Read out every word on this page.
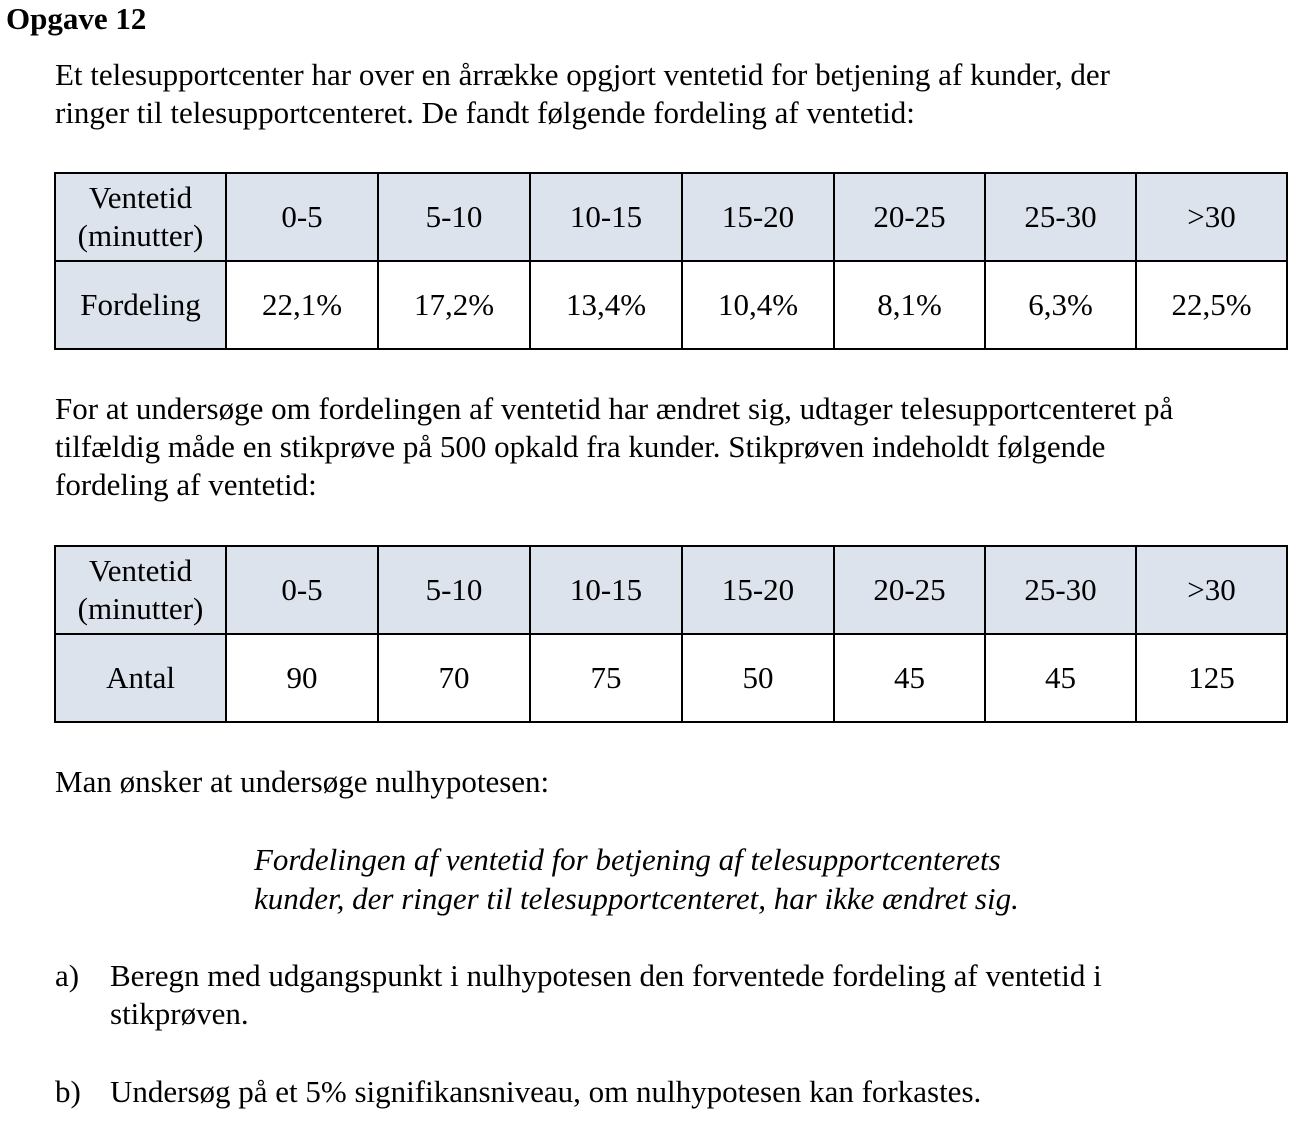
Opgave 12

Et telesupportcenter har over en årrække opgjort ventetid for betjening af kunder, der
ringer til telesupportcenteret. De fandt følgende fordeling af ventetid:

Ventetid
(minutter)	0-5	5-10	10-15	15-20	20-25	25-30	>30
Fordeling	22,1%	17,2%	13,4%	10,4%	8,1%	6,3%	22,5%

For at undersøge om fordelingen af ventetid har ændret sig, udtager telesupportcenteret på
tilfældig måde en stikprøve på 500 opkald fra kunder. Stikprøven indeholdt følgende
fordeling af ventetid:

Ventetid
(minutter)	0-5	5-10	10-15	15-20	20-25	25-30	>30
Antal	90	70	75	50	45	45	125

Man ønsker at undersøge nulhypotesen:

Fordelingen af ventetid for betjening af telesupportcenterets
kunder, der ringer til telesupportcenteret, har ikke ændret sig.

a) Beregn med udgangspunkt i nulhypotesen den forventede fordeling af ventetid i
stikprøven.
b) Undersøg på et 5% signifikansniveau, om nulhypotesen kan forkastes.
